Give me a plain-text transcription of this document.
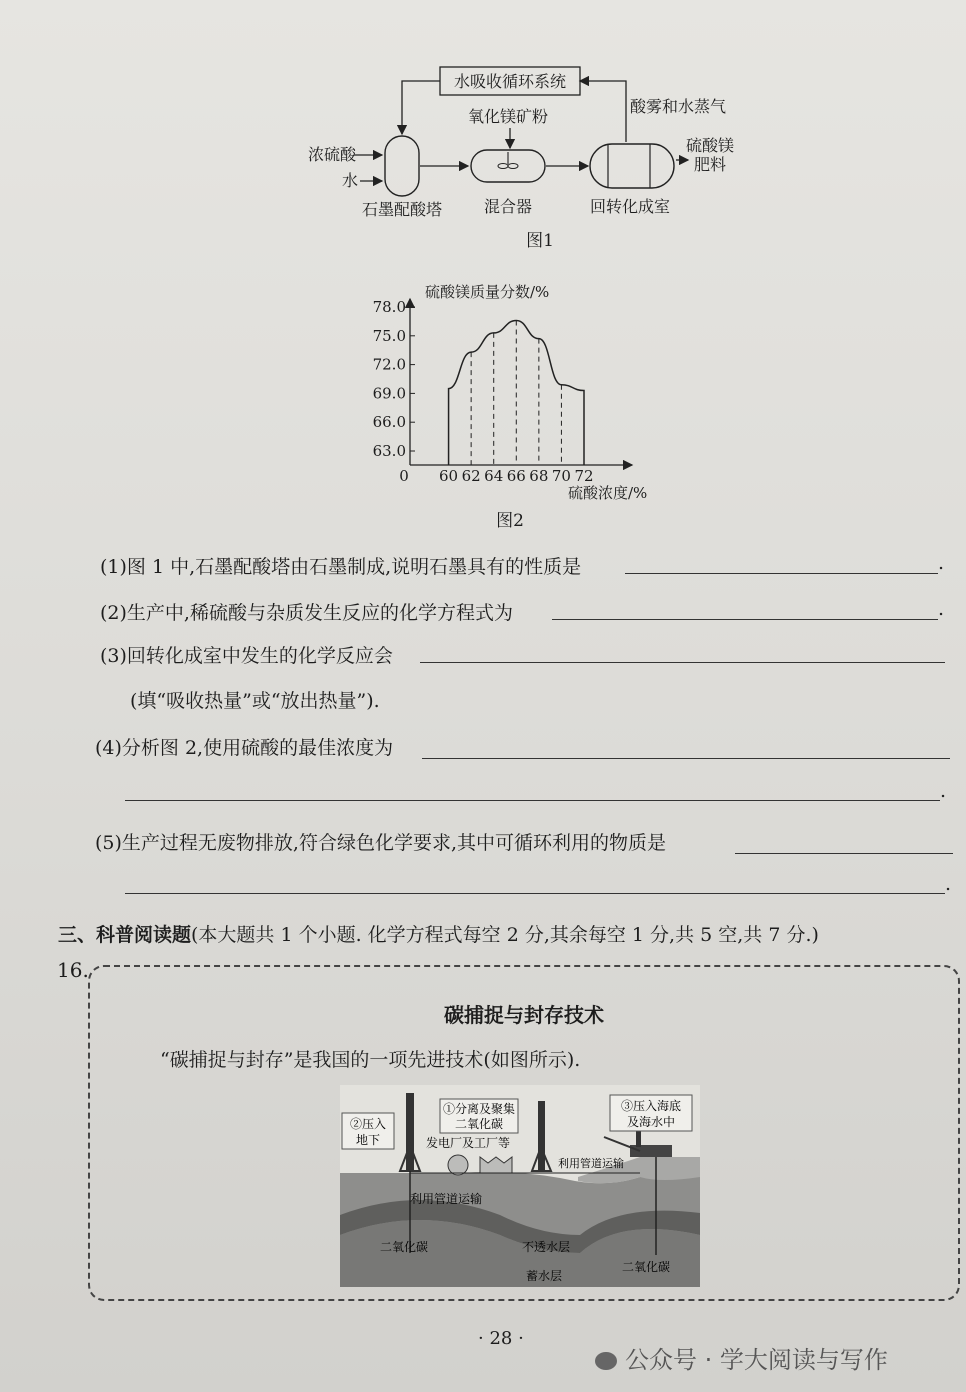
水吸收循环系统
浓硫酸
水
石墨配酸塔
氧化镁矿粉
混合器	回转化成室
酸雾和水蒸气
硫酸镁
肥料
图1
63.0
66.0
69.0
72.0
75.0
78.0
0 60 62 64 66 68 70 72
硫酸镁质量分数/%
硫酸浓度/%
图2
(1)图 1 中,石墨配酸塔由石墨制成,说明石墨具有的性质是	.
(2)生产中,稀硫酸与杂质发生反应的化学方程式为	.
(3)回转化成室中发生的化学反应会
(填“吸收热量”或“放出热量”).
(4)分析图 2,使用硫酸的最佳浓度为
.
(5)生产过程无废物排放,符合绿色化学要求,其中可循环利用的物质是
.
三、科普阅读题(本大题共 1 个小题. 化学方程式每空 2 分,其余每空 1 分,共 5 空,共 7 分.)
16.
碳捕捉与封存技术
“碳捕捉与封存”是我国的一项先进技术(如图所示).
②压入
地下
①分离及聚集
二氧化碳
③压入海底
及海水中
发电厂及工厂等
利用管道运输
利用管道运输
二氧化碳	不透水层
蓄水层
二氧化碳
· 28 ·
公众号 · 学大阅读与写作
